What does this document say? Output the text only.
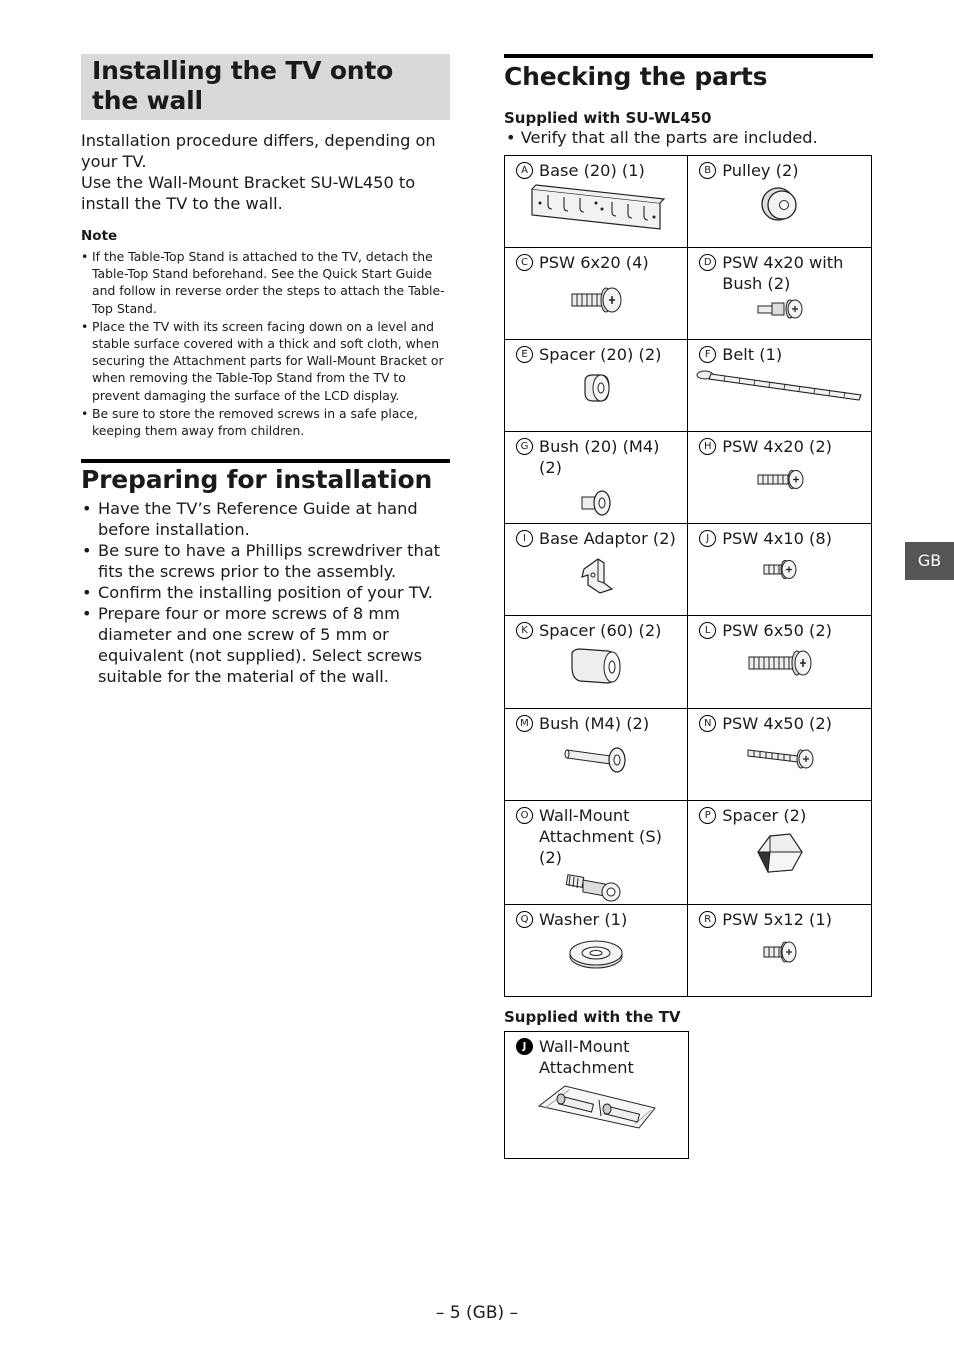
Installing the TV onto the wall

Installation procedure differs, depending on your TV.
Use the Wall-Mount Bracket SU-WL450 to install the TV to the wall.

Note
• If the Table-Top Stand is attached to the TV, detach the Table-Top Stand beforehand. See the Quick Start Guide and follow in reverse order the steps to attach the Table-Top Stand.
• Place the TV with its screen facing down on a level and stable surface covered with a thick and soft cloth, when securing the Attachment parts for Wall-Mount Bracket or when removing the Table-Top Stand from the TV to prevent damaging the surface of the LCD display.
• Be sure to store the removed screws in a safe place, keeping them away from children.
Preparing for installation
• Have the TV’s Reference Guide at hand before installation.
• Be sure to have a Phillips screwdriver that fits the screws prior to the assembly.
• Confirm the installing position of your TV.
• Prepare four or more screws of 8 mm diameter and one screw of 5 mm or equivalent (not supplied). Select screws suitable for the material of the wall.
Checking the parts
Supplied with SU-WL450
• Verify that all the parts are included.
A Base (20) (1)	B Pulley (2)

C PSW 6x20 (4)	D PSW 4x20 with Bush (2)

E Spacer (20) (2)	F Belt (1)

G Bush (20) (M4) (2)	H PSW 4x20 (2)

I Base Adaptor (2)	J PSW 4x10 (8)

K Spacer (60) (2)	L PSW 6x50 (2)

M Bush (M4) (2)	N PSW 4x50 (2)

O Wall-Mount Attachment (S) (2)	P Spacer (2)

Q Washer (1)	R PSW 5x12 (1)
Supplied with the TV
J Wall-Mount Attachment
GB
– 5 (GB) –
